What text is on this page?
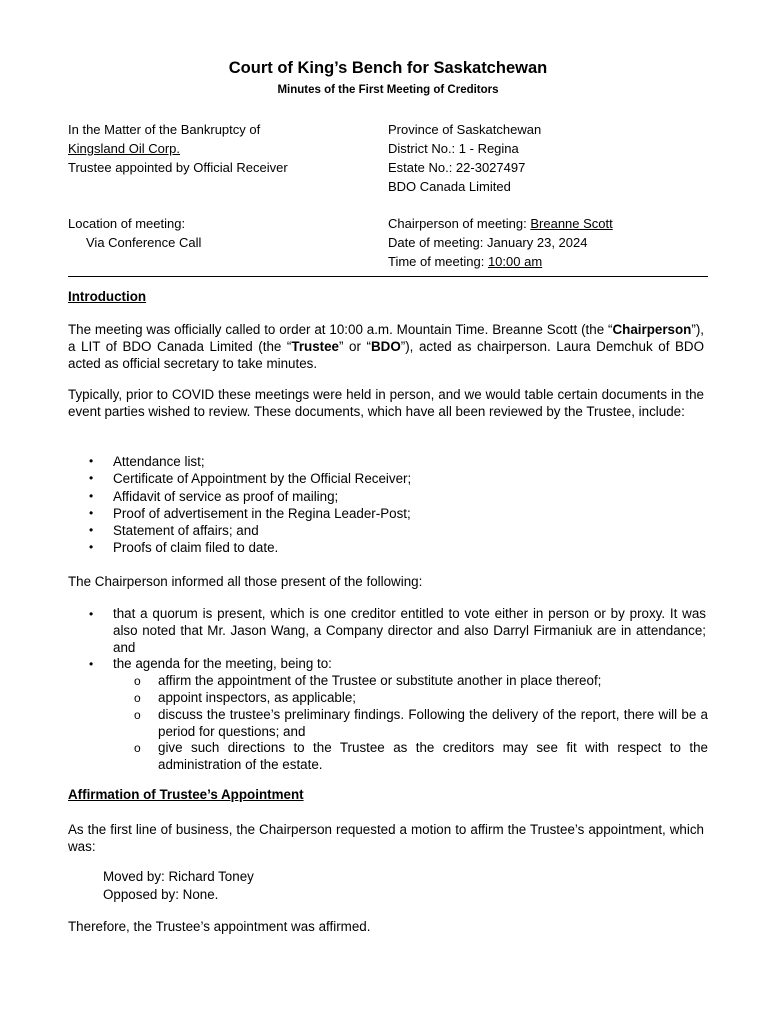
Court of King’s Bench for Saskatchewan
Minutes of the First Meeting of Creditors
In the Matter of the Bankruptcy of
Kingsland Oil Corp.
Trustee appointed by Official Receiver
Province of Saskatchewan
District No.: 1 - Regina
Estate No.: 22-3027497
BDO Canada Limited
Location of meeting:
Via Conference Call
Chairperson of meeting: Breanne Scott
Date of meeting: January 23, 2024
Time of meeting: 10:00 am
Introduction
The meeting was officially called to order at 10:00 a.m. Mountain Time. Breanne Scott (the “Chairperson”), a LIT of BDO Canada Limited (the “Trustee” or “BDO”), acted as chairperson. Laura Demchuk of BDO acted as official secretary to take minutes.
Typically, prior to COVID these meetings were held in person, and we would table certain documents in the event parties wished to review. These documents, which have all been reviewed by the Trustee, include:
• Attendance list;
• Certificate of Appointment by the Official Receiver;
• Affidavit of service as proof of mailing;
• Proof of advertisement in the Regina Leader-Post;
• Statement of affairs; and
• Proofs of claim filed to date.
The Chairperson informed all those present of the following:
• that a quorum is present, which is one creditor entitled to vote either in person or by proxy. It was also noted that Mr. Jason Wang, a Company director and also Darryl Firmaniuk are in attendance; and
• the agenda for the meeting, being to:
o affirm the appointment of the Trustee or substitute another in place thereof;
o appoint inspectors, as applicable;
o discuss the trustee’s preliminary findings. Following the delivery of the report, there will be a period for questions; and
o give such directions to the Trustee as the creditors may see fit with respect to the administration of the estate.
Affirmation of Trustee’s Appointment
As the first line of business, the Chairperson requested a motion to affirm the Trustee’s appointment, which was:
Moved by: Richard Toney
Opposed by: None.
Therefore, the Trustee’s appointment was affirmed.
